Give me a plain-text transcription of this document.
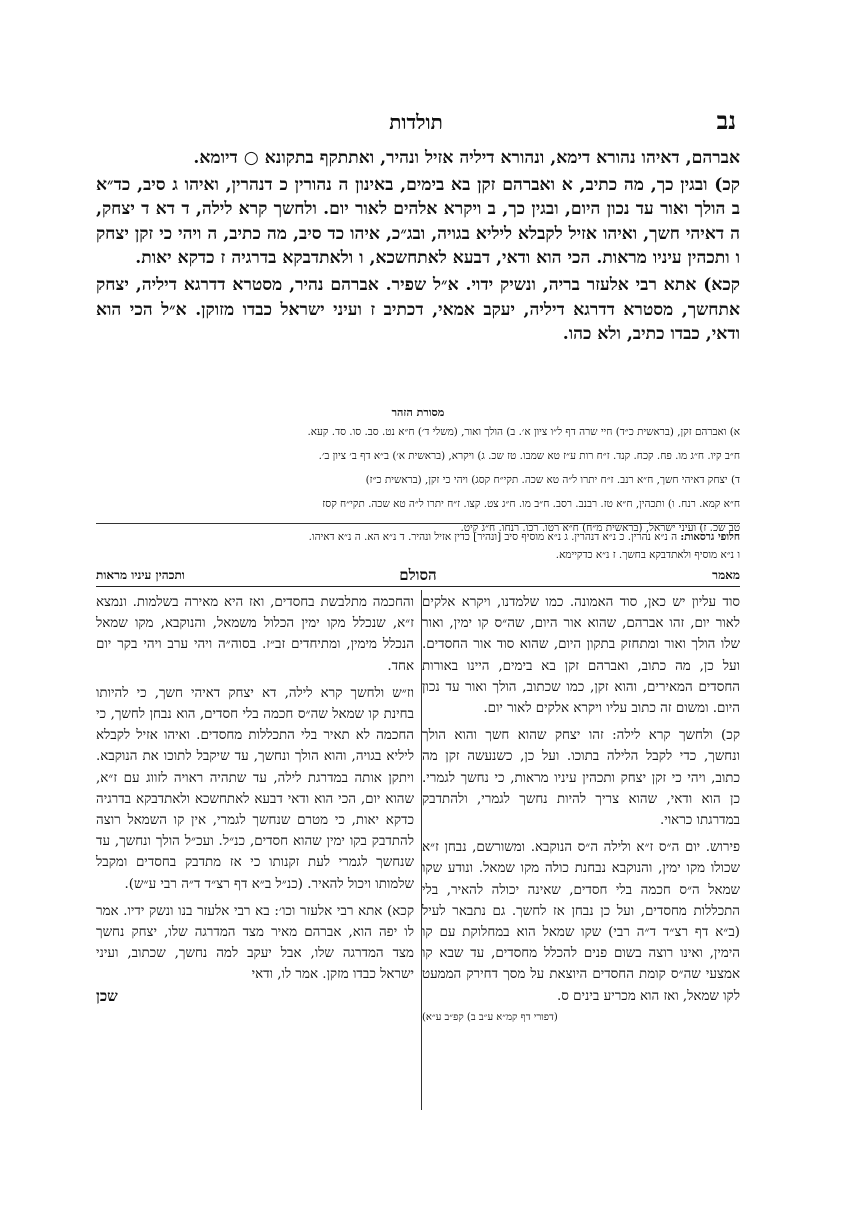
נב
תולדות

אברהם, דאיהו נהורא דימא, ונהורא דיליה אזיל ונהיר, ואתתקף בתקונא ○ דיומא.

קכ) ובגין כך, מה כתיב, א ואברהם זקן בא בימים, באינון ה נהורין כ דנהרין, ואיהו ג סיב, כד״א ב הולך ואור עד נכון היום, ובגין כך, ב ויקרא אלהים לאור יום. ולחשך קרא לילה, ד דא ד יצחק, ה דאיהי חשך, ואיהו אזיל לקבלא ליליא בגויה, ובג״כ, איהו כד סיב, מה כתיב, ה ויהי כי זקן יצחק ו ותכהין עיניו מראות. הכי הוא ודאי, דבעא לאתחשכא, ו ולאתדבקא בדרגיה ז כדקא יאות.

קכא) אתא רבי אלעזר בריה, ונשיק ידוי. א״ל שפיר. אברהם נהיר, מסטרא דדרגא דיליה, יצחק אתחשך, מסטרא דדרגא דיליה, יעקב אמאי, דכתיב ז ועיני ישראל כבדו מזוקן. א״ל הכי הוא ודאי, כבדו כתיב, ולא כהו.

מסורת הזהר

א) ואברהם זקן, (בראשית כ״ד) חיי שרה דף ל״ו ציון א׳. ב) הולך ואור, (משלי ד׳) ח״א נט. סב. סו. סד. קעא.

ח״ב קיו. ח״ג מו. פח. קכח. קנד. ז״ח רות ע״ז טא שמבו. טז שכ. ג) ויקרא, (בראשית א׳) ב״א דף ב׳ ציון ב׳.

ד) יצחק דאיהי חשך, ח״א רנב. ז״ח יתרו ל״ה טא שכה. תקי״ח קסג) ויהי כי זקן, (בראשית כ״ז)

ח״א קמא. רנח. ו) ותכהין, ח״א טז. רבנב. רסב. ח״ב מו. ח״ג צט. קצו. ז״ח יתרו ל״ה טא שכה. תקי״ח קסז

טב שכ. ז) ועיני ישראל, (בראשית מ״ח) ח״א רטו. רכו. רנחו. ח״ג קיט.

חלופי גרסאות: ה נ״א נהרין. כ נ״א דנהרין. ג נ״א מוסיף סיב [ונהיר] כדין אזיל ונהיר. ד נ״א הא. ה נ״א דאיהו.

ו נ״א מוסיף ולאתדבקא בחשך. ז נ״א כדקיימא.

מאמר
הסולם
ותכהין עיניו מראות

סוד עליון יש כאן, סוד האמונה. כמו שלמדנו, ויקרא אלקים לאור יום, זהו אברהם, שהוא אור היום, שה״ס קו ימין, ואור שלו הולך ואור ומתחזק בתקון היום, שהוא סוד אור החסדים. ועל כן, מה כתוב, ואברהם זקן בא בימים, היינו באורות החסדים המאירים, והוא זקן, כמו שכתוב, הולך ואור עד נכון היום. ומשום זה כתוב עליו ויקרא אלקים לאור יום.

קכ) ולחשך קרא לילה: זהו יצחק שהוא חשך והוא הולך ונחשך, כדי לקבל הלילה בתוכו. ועל כן, כשנעשה זקן מה כתוב, ויהי כי זקן יצחק ותכהין עיניו מראות, כי נחשך לגמרי. כן הוא ודאי, שהוא צריך להיות נחשך לגמרי, ולהתדבק במדרגתו כראוי.

פירוש. יום ה״ס ז״א ולילה ה״ס הנוקבא. ומשורשם, נבחן ז״א שכולו מקו ימין, והנוקבא נבחנת כולה מקו שמאל. ונודע שקו שמאל ה״ס חכמה בלי חסדים, שאינה יכולה להאיר, בלי התכללות מחסדים, ועל כן נבחן אז לחשך. גם נתבאר לעיל (ב״א דף רצ״ד ד״ה רבי) שקו שמאל הוא במחלוקת עם קו הימין, ואינו רוצה בשום פנים להכלל מחסדים, עד שבא קו אמצעי שה״ס קומת החסדים היוצאת על מסך דחירק הממעט לקו שמאל, ואז הוא מכריע בינים ס.

(דפורי דף קמ״א ע״ב ב) קפ״ב ע״א)

והחכמה מתלבשת בחסדים, ואז היא מאירה בשלמות. ונמצא ז״א, שנכלל מקו ימין הכלול משמאל, והנוקבא, מקו שמאל הנכלל מימין, ומתיחדים זב״ז. בסוה״ה ויהי ערב ויהי בקר יום אחד.

וז״ש ולחשך קרא לילה, דא יצחק דאיהי חשך, כי להיותו בחינת קו שמאל שה״ס חכמה בלי חסדים, הוא נבחן לחשך, כי החכמה לא תאיר בלי התכללות מחסדים. ואיהו אזיל לקבלא ליליא בגויה, והוא הולך ונחשך, עד שיקבל לתוכו את הנוקבא. ויתקן אותה במדרגת לילה, עד שתהיה ראויה לזווג עם ז״א, שהוא יום, הכי הוא ודאי דבעא לאתחשכא ולאתדבקא בדרגיה כדקא יאות, כי מטרם שנחשך לגמרי, אין קו השמאל רוצה להתדבק בקו ימין שהוא חסדים, כנ״ל. ועכ״ל הולך ונחשך, עד שנחשך לגמרי לעת זקנותו כי אז מתדבק בחסדים ומקבל שלמותו ויכול להאיר. (כנ״ל ב״א דף רצ״ד ד״ה רבי ע״ש).

קכא) אתא רבי אלעזר וכו׳: בא רבי אלעזר בנו ונשק ידיו. אמר לו יפה הוא, אברהם מאיר מצד המדרגה שלו, יצחק נחשך מצד המדרגה שלו, אבל יעקב למה נחשך, שכתוב, ועיני ישראל כבדו מזקן. אמר לו, ודאי

שכן
